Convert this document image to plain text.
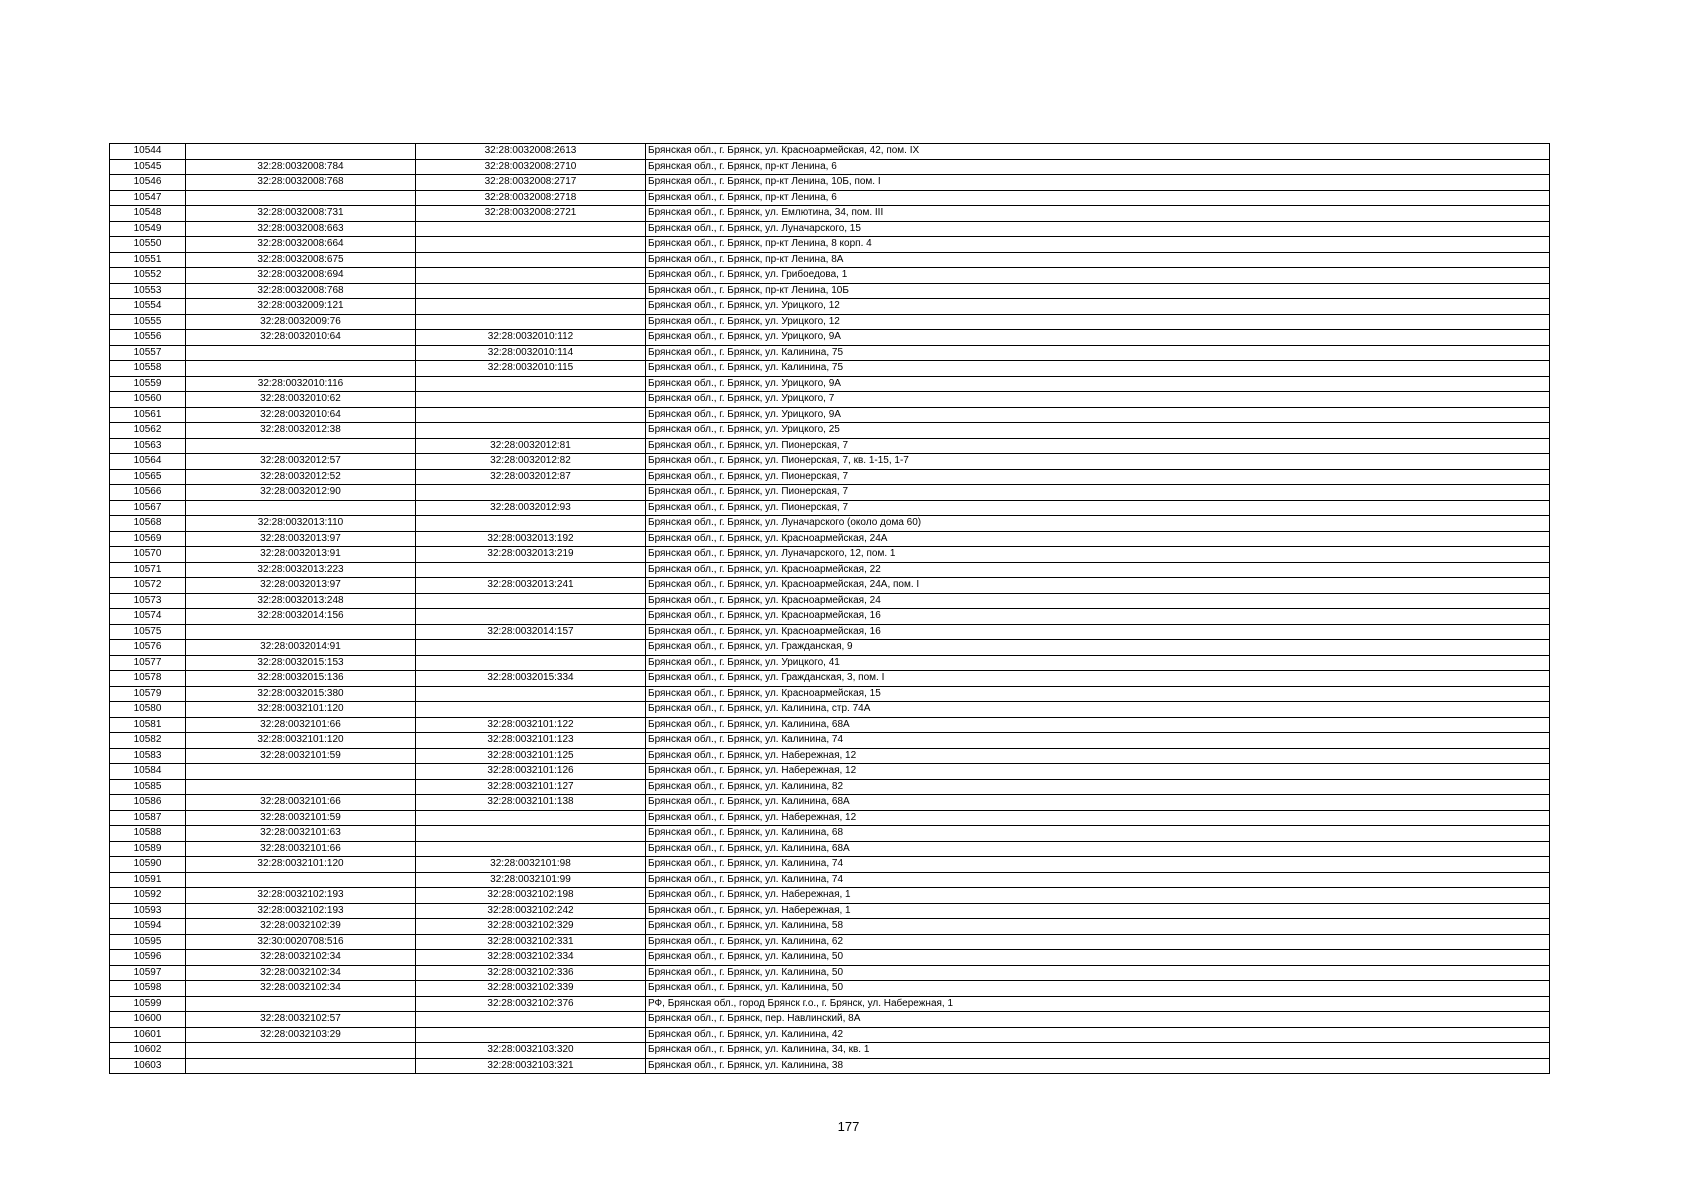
10544		32:28:0032008:2613	Брянская обл., г. Брянск, ул. Красноармейская, 42, пом. IX
10545	32:28:0032008:784	32:28:0032008:2710	Брянская обл., г. Брянск, пр-кт Ленина, 6
10546	32:28:0032008:768	32:28:0032008:2717	Брянская обл., г. Брянск, пр-кт Ленина, 10Б, пом. I
10547		32:28:0032008:2718	Брянская обл., г. Брянск, пр-кт Ленина, 6
10548	32:28:0032008:731	32:28:0032008:2721	Брянская обл., г. Брянск, ул. Емлютина, 34, пом. III
10549	32:28:0032008:663		Брянская обл., г. Брянск, ул. Луначарского, 15
10550	32:28:0032008:664		Брянская обл., г. Брянск, пр-кт Ленина, 8 корп. 4
10551	32:28:0032008:675		Брянская обл., г. Брянск, пр-кт Ленина, 8А
10552	32:28:0032008:694		Брянская обл., г. Брянск, ул. Грибоедова, 1
10553	32:28:0032008:768		Брянская обл., г. Брянск, пр-кт Ленина, 10Б
10554	32:28:0032009:121		Брянская обл., г. Брянск, ул. Урицкого, 12
10555	32:28:0032009:76		Брянская обл., г. Брянск, ул. Урицкого, 12
10556	32:28:0032010:64	32:28:0032010:112	Брянская обл., г. Брянск, ул. Урицкого, 9А
10557		32:28:0032010:114	Брянская обл., г. Брянск, ул. Калинина, 75
10558		32:28:0032010:115	Брянская обл., г. Брянск, ул. Калинина, 75
10559	32:28:0032010:116		Брянская обл., г. Брянск, ул. Урицкого, 9А
10560	32:28:0032010:62		Брянская обл., г. Брянск, ул. Урицкого, 7
10561	32:28:0032010:64		Брянская обл., г. Брянск, ул. Урицкого, 9А
10562	32:28:0032012:38		Брянская обл., г. Брянск, ул. Урицкого, 25
10563		32:28:0032012:81	Брянская обл., г. Брянск, ул. Пионерская, 7
10564	32:28:0032012:57	32:28:0032012:82	Брянская обл., г. Брянск, ул. Пионерская, 7, кв. 1-15, 1-7
10565	32:28:0032012:52	32:28:0032012:87	Брянская обл., г. Брянск, ул. Пионерская, 7
10566	32:28:0032012:90		Брянская обл., г. Брянск, ул. Пионерская, 7
10567		32:28:0032012:93	Брянская обл., г. Брянск, ул. Пионерская, 7
10568	32:28:0032013:110		Брянская обл., г. Брянск, ул. Луначарского (около дома 60)
10569	32:28:0032013:97	32:28:0032013:192	Брянская обл., г. Брянск, ул. Красноармейская, 24А
10570	32:28:0032013:91	32:28:0032013:219	Брянская обл., г. Брянск, ул. Луначарского, 12, пом. 1
10571	32:28:0032013:223		Брянская обл., г. Брянск, ул. Красноармейская, 22
10572	32:28:0032013:97	32:28:0032013:241	Брянская обл., г. Брянск, ул. Красноармейская, 24А, пом. I
10573	32:28:0032013:248		Брянская обл., г. Брянск, ул. Красноармейская, 24
10574	32:28:0032014:156		Брянская обл., г. Брянск, ул. Красноармейская, 16
10575		32:28:0032014:157	Брянская обл., г. Брянск, ул. Красноармейская, 16
10576	32:28:0032014:91		Брянская обл., г. Брянск, ул. Гражданская, 9
10577	32:28:0032015:153		Брянская обл., г. Брянск, ул. Урицкого, 41
10578	32:28:0032015:136	32:28:0032015:334	Брянская обл., г. Брянск, ул. Гражданская, 3, пом. I
10579	32:28:0032015:380		Брянская обл., г. Брянск, ул. Красноармейская, 15
10580	32:28:0032101:120		Брянская обл., г. Брянск, ул. Калинина, стр. 74А
10581	32:28:0032101:66	32:28:0032101:122	Брянская обл., г. Брянск, ул. Калинина, 68А
10582	32:28:0032101:120	32:28:0032101:123	Брянская обл., г. Брянск, ул. Калинина, 74
10583	32:28:0032101:59	32:28:0032101:125	Брянская обл., г. Брянск, ул. Набережная, 12
10584		32:28:0032101:126	Брянская обл., г. Брянск, ул. Набережная, 12
10585		32:28:0032101:127	Брянская обл., г. Брянск, ул. Калинина, 82
10586	32:28:0032101:66	32:28:0032101:138	Брянская обл., г. Брянск, ул. Калинина, 68А
10587	32:28:0032101:59		Брянская обл., г. Брянск, ул. Набережная, 12
10588	32:28:0032101:63		Брянская обл., г. Брянск, ул. Калинина, 68
10589	32:28:0032101:66		Брянская обл., г. Брянск, ул. Калинина, 68А
10590	32:28:0032101:120	32:28:0032101:98	Брянская обл., г. Брянск, ул. Калинина, 74
10591		32:28:0032101:99	Брянская обл., г. Брянск, ул. Калинина, 74
10592	32:28:0032102:193	32:28:0032102:198	Брянская обл., г. Брянск, ул. Набережная, 1
10593	32:28:0032102:193	32:28:0032102:242	Брянская обл., г. Брянск, ул. Набережная, 1
10594	32:28:0032102:39	32:28:0032102:329	Брянская обл., г. Брянск, ул. Калинина, 58
10595	32:30:0020708:516	32:28:0032102:331	Брянская обл., г. Брянск, ул. Калинина, 62
10596	32:28:0032102:34	32:28:0032102:334	Брянская обл., г. Брянск, ул. Калинина, 50
10597	32:28:0032102:34	32:28:0032102:336	Брянская обл., г. Брянск, ул. Калинина, 50
10598	32:28:0032102:34	32:28:0032102:339	Брянская обл., г. Брянск, ул. Калинина, 50
10599		32:28:0032102:376	РФ, Брянская обл., город Брянск г.о., г. Брянск, ул. Набережная, 1
10600	32:28:0032102:57		Брянская обл., г. Брянск, пер. Навлинский, 8А
10601	32:28:0032103:29		Брянская обл., г. Брянск, ул. Калинина, 42
10602		32:28:0032103:320	Брянская обл., г. Брянск, ул. Калинина, 34, кв. 1
10603		32:28:0032103:321	Брянская обл., г. Брянск, ул. Калинина, 38
177
